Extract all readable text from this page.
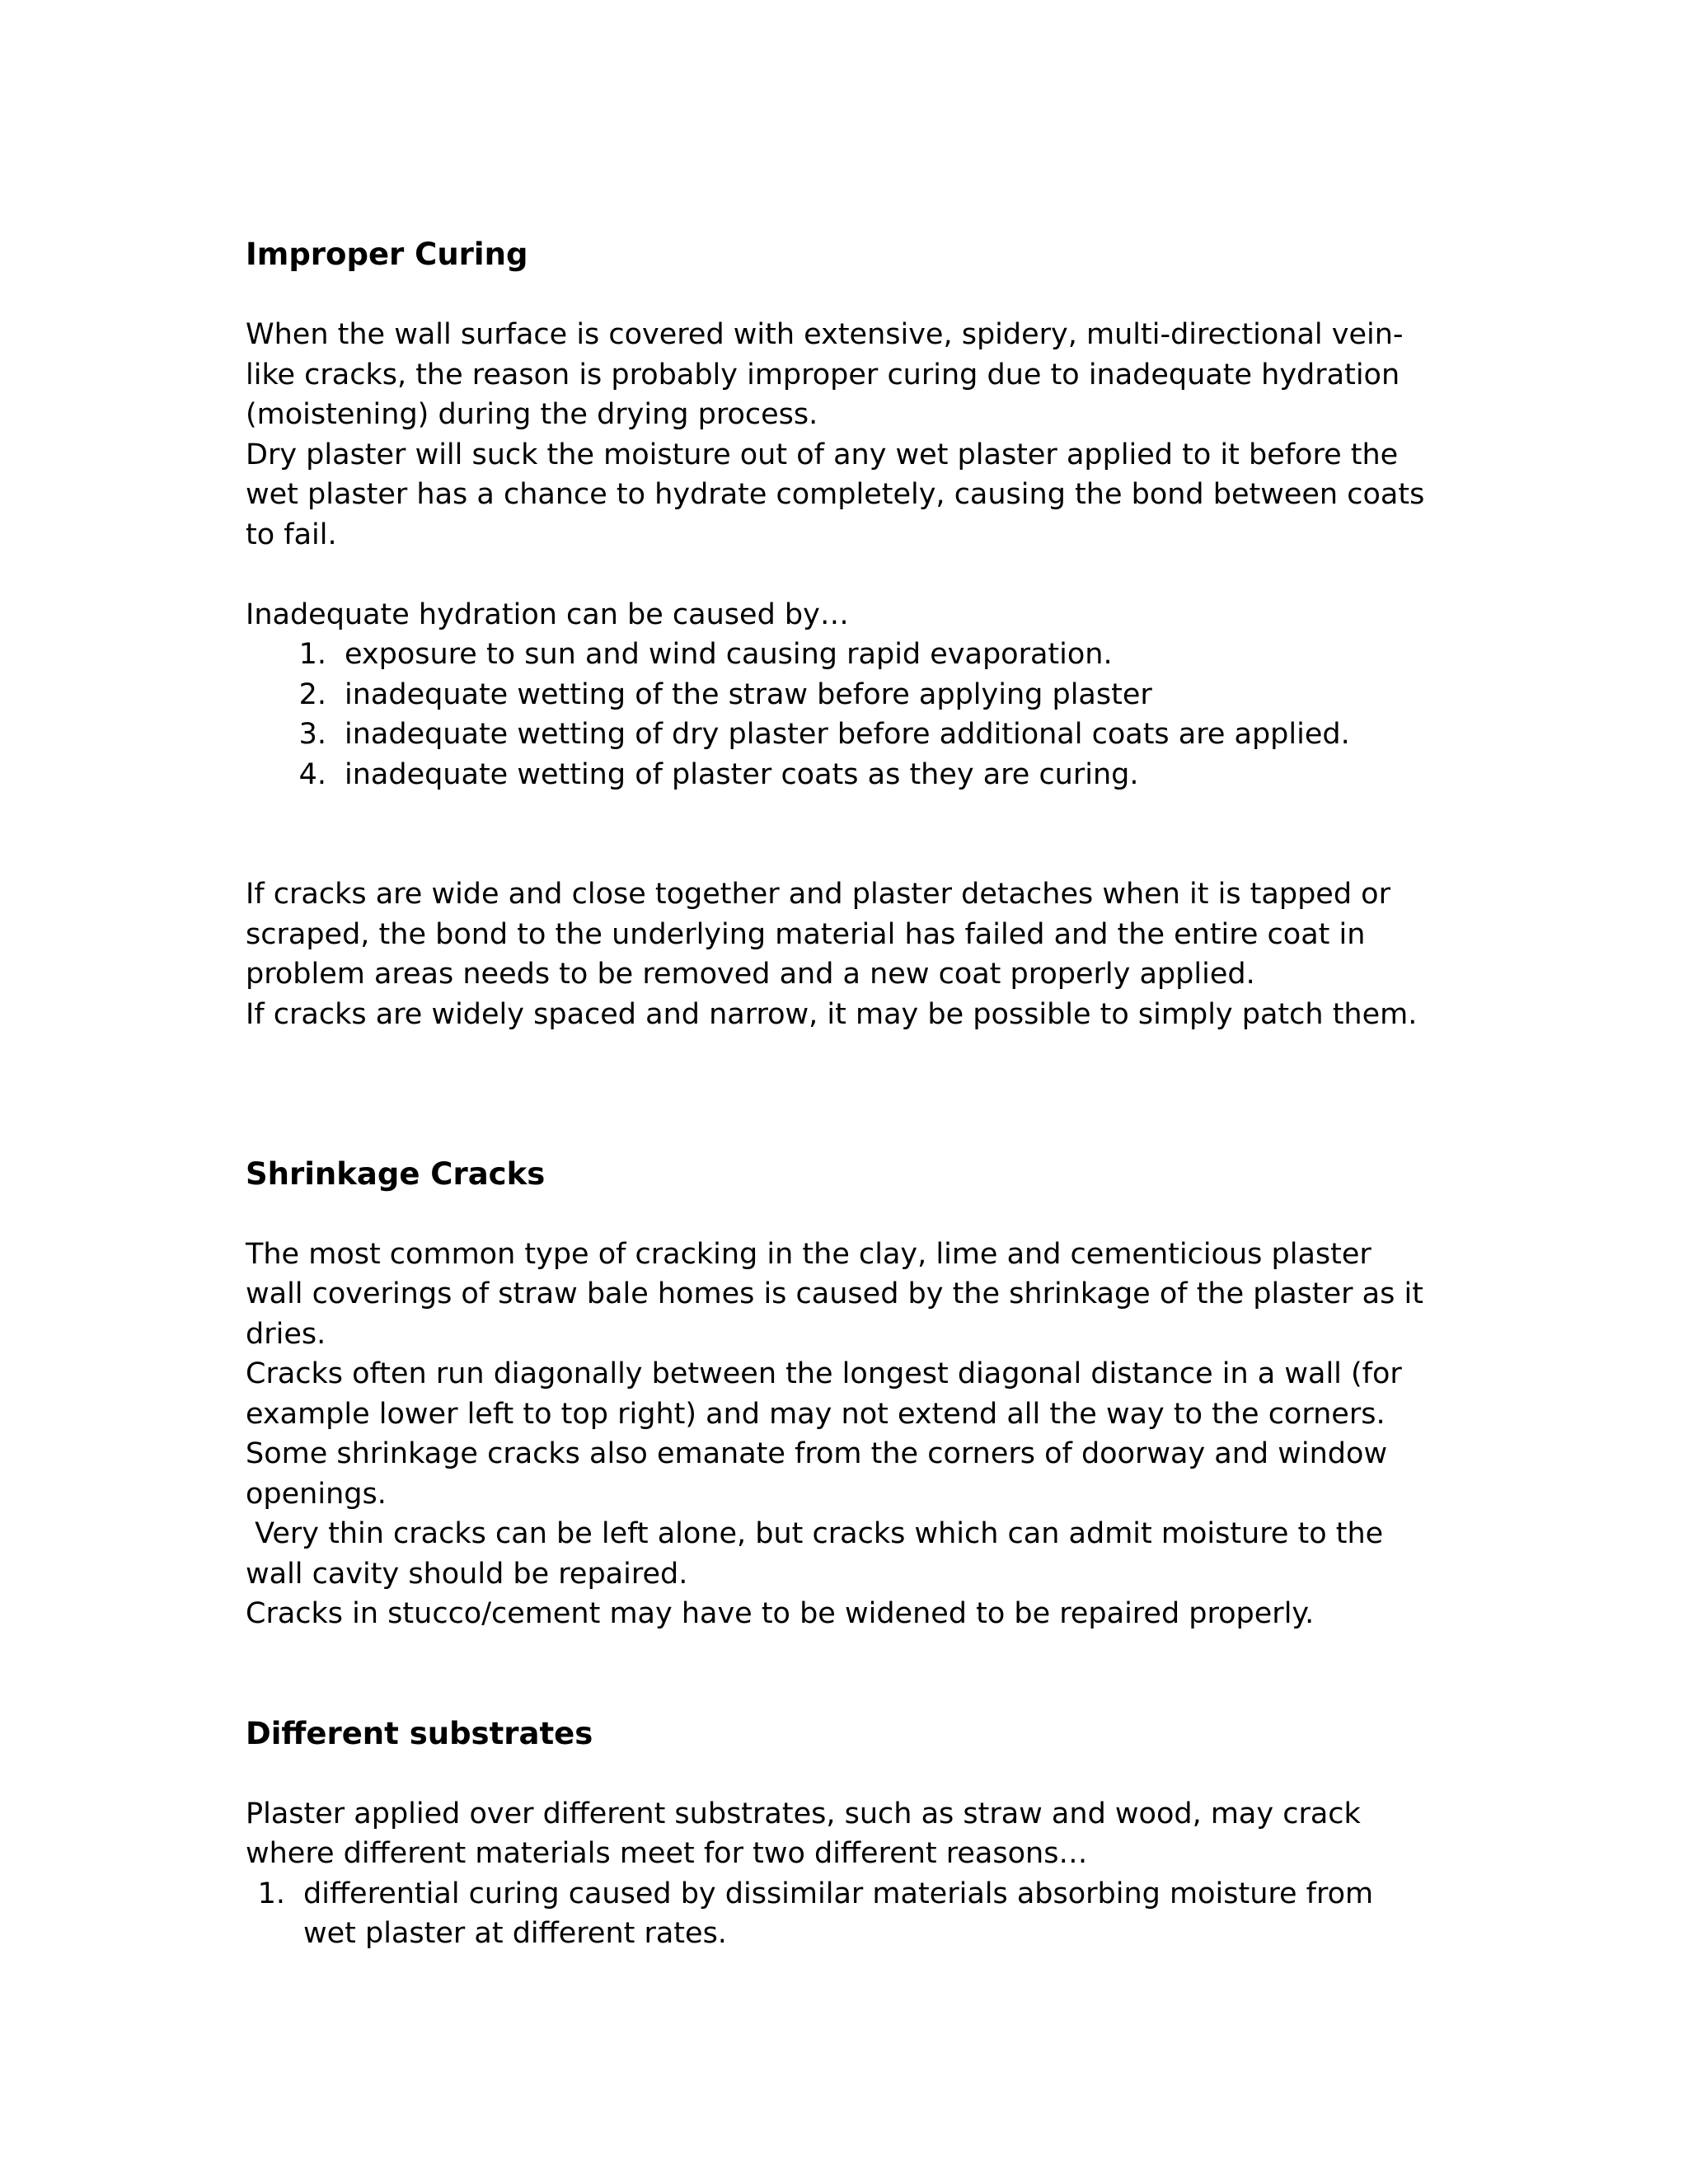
Improper Curing

When the wall surface is covered with extensive, spidery, multi-directional vein-
like cracks, the reason is probably improper curing due to inadequate hydration
(moistening) during the drying process.
Dry plaster will suck the moisture out of any wet plaster applied to it before the
wet plaster has a chance to hydrate completely, causing the bond between coats
to fail.
Inadequate hydration can be caused by…
1. exposure to sun and wind causing rapid evaporation.
2. inadequate wetting of the straw before applying plaster
3. inadequate wetting of dry plaster before additional coats are applied.
4. inadequate wetting of plaster coats as they are curing.
If cracks are wide and close together and plaster detaches when it is tapped or
scraped, the bond to the underlying material has failed and the entire coat in
problem areas needs to be removed and a new coat properly applied.
If cracks are widely spaced and narrow, it may be possible to simply patch them.

Shrinkage Cracks

The most common type of cracking in the clay, lime and cementicious plaster
wall coverings of straw bale homes is caused by the shrinkage of the plaster as it
dries.
Cracks often run diagonally between the longest diagonal distance in a wall (for
example lower left to top right) and may not extend all the way to the corners.
Some shrinkage cracks also emanate from the corners of doorway and window
openings.
Very thin cracks can be left alone, but cracks which can admit moisture to the
wall cavity should be repaired.
Cracks in stucco/cement may have to be widened to be repaired properly.

Different substrates

Plaster applied over different substrates, such as straw and wood, may crack
where different materials meet for two different reasons…
1. differential curing caused by dissimilar materials absorbing moisture from
wet plaster at different rates.
